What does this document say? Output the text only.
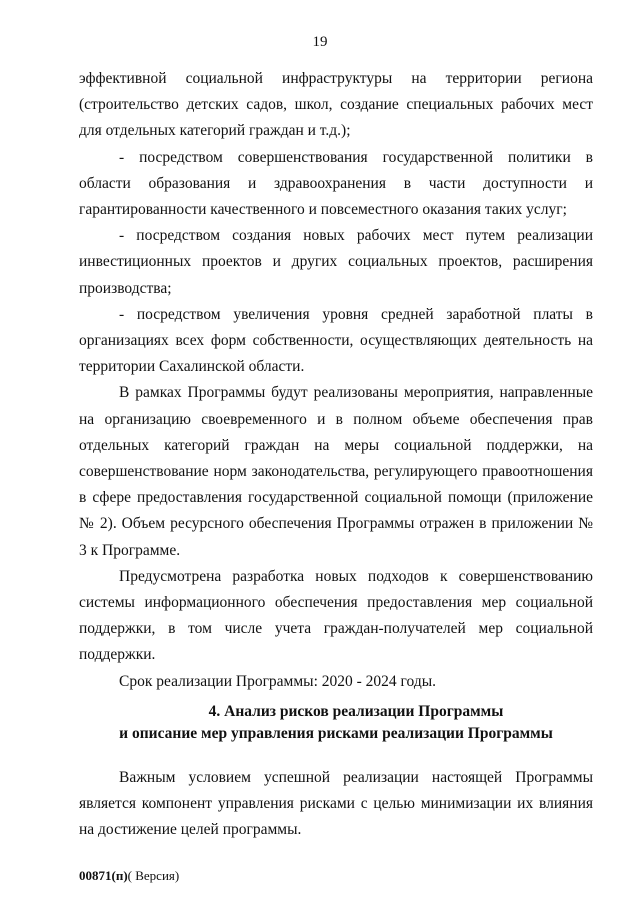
19

эффективной социальной инфраструктуры на территории региона (строительство детских садов, школ, создание специальных рабочих мест для отдельных категорий граждан и т.д.);

- посредством совершенствования государственной политики в области образования и здравоохранения в части доступности и гарантированности качественного и повсеместного оказания таких услуг;

- посредством создания новых рабочих мест путем реализации инвестиционных проектов и других социальных проектов, расширения производства;

- посредством увеличения уровня средней заработной платы в организациях всех форм собственности, осуществляющих деятельность на территории Сахалинской области.

В рамках Программы будут реализованы мероприятия, направленные на организацию своевременного и в полном объеме обеспечения прав отдельных категорий граждан на меры социальной поддержки, на совершенствование норм законодательства, регулирующего правоотношения в сфере предоставления государственной социальной помощи (приложение № 2). Объем ресурсного обеспечения Программы отражен в приложении № 3 к Программе.

Предусмотрена разработка новых подходов к совершенствованию системы информационного обеспечения предоставления мер социальной поддержки, в том числе учета граждан-получателей мер социальной поддержки.

Срок реализации Программы: 2020 - 2024 годы.

4. Анализ рисков реализации Программы

и описание мер управления рисками реализации Программы

Важным условием успешной реализации настоящей Программы является компонент управления рисками с целью минимизации их влияния на достижение целей программы.

00871(п)( Версия)
